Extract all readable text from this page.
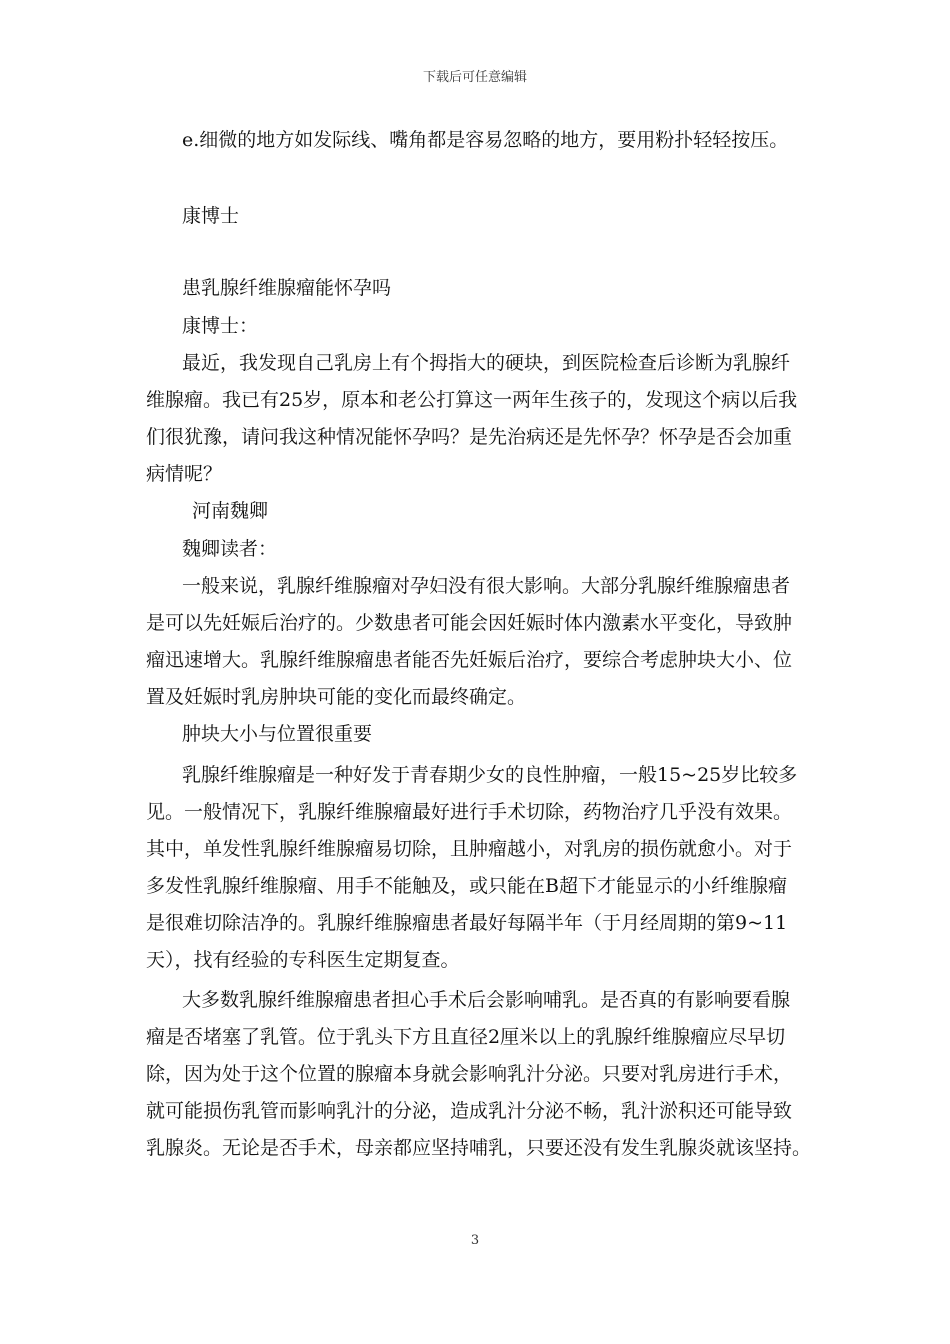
下载后可任意编辑
e.细微的地方如发际线、嘴角都是容易忽略的地方，要用粉扑轻轻按压。
康博士
患乳腺纤维腺瘤能怀孕吗
康博士：
最近，我发现自己乳房上有个拇指大的硬块，到医院检查后诊断为乳腺纤
维腺瘤。我已有25岁，原本和老公打算这一两年生孩子的，发现这个病以后我
们很犹豫，请问我这种情况能怀孕吗？是先治病还是先怀孕？怀孕是否会加重
病情呢？
河南魏卿
魏卿读者：
一般来说，乳腺纤维腺瘤对孕妇没有很大影响。大部分乳腺纤维腺瘤患者
是可以先妊娠后治疗的。少数患者可能会因妊娠时体内激素水平变化，导致肿
瘤迅速增大。乳腺纤维腺瘤患者能否先妊娠后治疗，要综合考虑肿块大小、位
置及妊娠时乳房肿块可能的变化而最终确定。
肿块大小与位置很重要
乳腺纤维腺瘤是一种好发于青春期少女的良性肿瘤，一般15~25岁比较多
见。一般情况下，乳腺纤维腺瘤最好进行手术切除，药物治疗几乎没有效果。
其中，单发性乳腺纤维腺瘤易切除，且肿瘤越小，对乳房的损伤就愈小。对于
多发性乳腺纤维腺瘤、用手不能触及，或只能在B超下才能显示的小纤维腺瘤
是很难切除洁净的。乳腺纤维腺瘤患者最好每隔半年（于月经周期的第9~11
天），找有经验的专科医生定期复查。
大多数乳腺纤维腺瘤患者担心手术后会影响哺乳。是否真的有影响要看腺
瘤是否堵塞了乳管。位于乳头下方且直径2厘米以上的乳腺纤维腺瘤应尽早切
除，因为处于这个位置的腺瘤本身就会影响乳汁分泌。只要对乳房进行手术，
就可能损伤乳管而影响乳汁的分泌，造成乳汁分泌不畅，乳汁淤积还可能导致
乳腺炎。无论是否手术，母亲都应坚持哺乳，只要还没有发生乳腺炎就该坚持。
3
